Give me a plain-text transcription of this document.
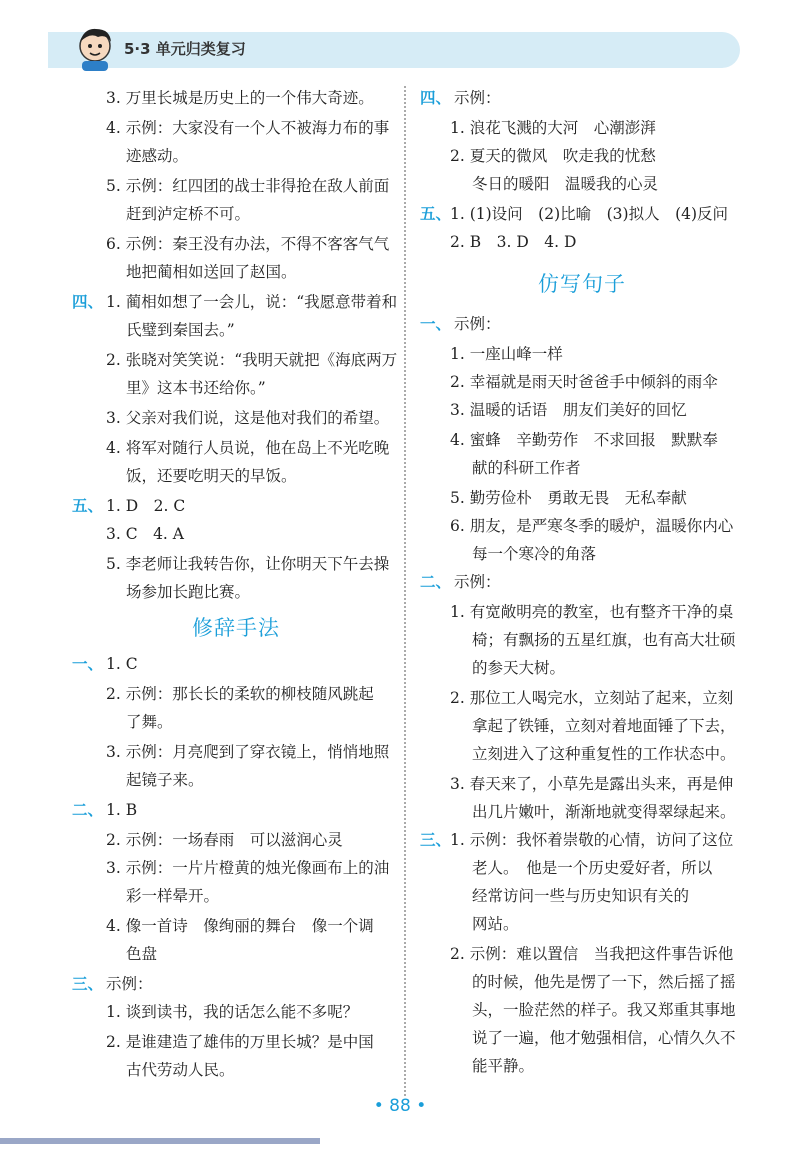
5·3 单元归类复习
3. 万里长城是历史上的一个伟大奇迹。
4. 示例：大家没有一个人不被海力布的事
迹感动。
5. 示例：红四团的战士非得抢在敌人前面
赶到泸定桥不可。
6. 示例：秦王没有办法，不得不客客气气
地把蔺相如送回了赵国。
四、 1. 蔺相如想了一会儿，说：“我愿意带着和
氏璧到秦国去。”
2. 张晓对笑笑说：“我明天就把《海底两万
里》这本书还给你。”
3. 父亲对我们说，这是他对我们的希望。
4. 将军对随行人员说，他在岛上不光吃晚
饭，还要吃明天的早饭。
五、 1. D　2. C
3. C　4. A
5. 李老师让我转告你，让你明天下午去操
场参加长跑比赛。
修辞手法
一、 1. C
2. 示例：那长长的柔软的柳枝随风跳起
了舞。
3. 示例：月亮爬到了穿衣镜上，悄悄地照
起镜子来。
二、 1. B
2. 示例：一场春雨　可以滋润心灵
3. 示例：一片片橙黄的烛光像画布上的油
彩一样晕开。
4. 像一首诗　像绚丽的舞台　像一个调
色盘
三、 示例：
1. 谈到读书，我的话怎么能不多呢？
2. 是谁建造了雄伟的万里长城？是中国
古代劳动人民。
四、 示例：
1. 浪花飞溅的大河　心潮澎湃
2. 夏天的微风　吹走我的忧愁
冬日的暖阳　温暖我的心灵
五、
1. (1)设问　(2)比喻　(3)拟人　(4)反问
2. B　3. D　4. D
仿写句子
一、 示例：
1. 一座山峰一样
2. 幸福就是雨天时爸爸手中倾斜的雨伞
3. 温暖的话语　朋友们美好的回忆
4. 蜜蜂　辛勤劳作　不求回报　默默奉
献的科研工作者
5. 勤劳俭朴　勇敢无畏　无私奉献
6. 朋友，是严寒冬季的暖炉，温暖你内心
每一个寒冷的角落
二、 示例：
1. 有宽敞明亮的教室，也有整齐干净的桌
椅；有飘扬的五星红旗，也有高大壮硕
的参天大树。
2. 那位工人喝完水，立刻站了起来，立刻
拿起了铁锤，立刻对着地面锤了下去，
立刻进入了这种重复性的工作状态中。
3. 春天来了，小草先是露出头来，再是伸
出几片嫩叶，渐渐地就变得翠绿起来。
三、
1. 示例：我怀着崇敬的心情，访问了这位
老人。　他是一个历史爱好者，所以
经常访问一些与历史知识有关的
网站。
2. 示例：难以置信　当我把这件事告诉他
的时候，他先是愣了一下，然后摇了摇
头，一脸茫然的样子。我又郑重其事地
说了一遍，他才勉强相信，心情久久不
能平静。
• 88 •
